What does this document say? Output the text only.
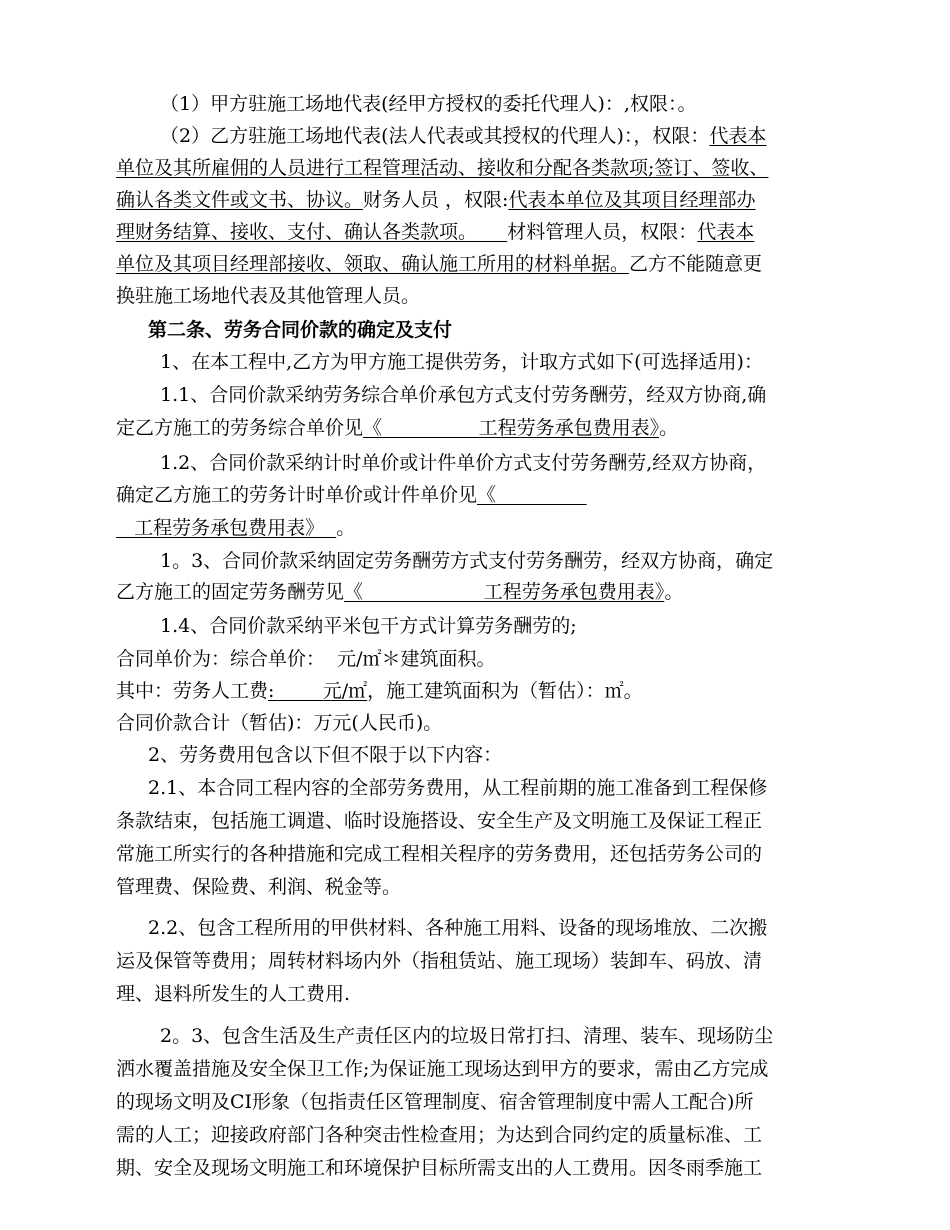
（1）甲方驻施工场地代表(经甲方授权的委托代理人)：,权限：。

（2）乙方驻施工场地代表(法人代表或其授权的代理人)：，权限：代表本

单位及其所雇佣的人员进行工程管理活动、接收和分配各类款项;签订、签收、

确认各类文件或文书、协议。财务人员 ，权限:代表本单位及其项目经理部办

理财务结算、接收、支付、确认各类款项。     材料管理人员，权限：代表本

单位及其项目经理部接收、领取、确认施工所用的材料单据。乙方不能随意更

换驻施工场地代表及其他管理人员。

第二条、劳务合同价款的确定及支付

1、在本工程中,乙方为甲方施工提供劳务，计取方式如下(可选择适用)：

1.1、合同价款采纳劳务综合单价承包方式支付劳务酬劳，经双方协商,确

定乙方施工的劳务综合单价见《                工程劳务承包费用表》。

1.2、合同价款采纳计时单价或计件单价方式支付劳务酬劳,经双方协商，

确定乙方施工的劳务计时单价或计件单价见《

工程劳务承包费用表》  。

1。3、合同价款采纳固定劳务酬劳方式支付劳务酬劳，经双方协商，确定

乙方施工的固定劳务酬劳见《                    工程劳务承包费用表》。

1.4、合同价款采纳平米包干方式计算劳务酬劳的;

合同单价为：综合单价：  元/㎡＊建筑面积。

其中：劳务人工费:        元/㎡，施工建筑面积为（暂估）：㎡。

合同价款合计（暂估)：万元(人民币)。

2、劳务费用包含以下但不限于以下内容：

2.1、本合同工程内容的全部劳务费用，从工程前期的施工准备到工程保修

条款结束，包括施工调遣、临时设施搭设、安全生产及文明施工及保证工程正

常施工所实行的各种措施和完成工程相关程序的劳务费用，还包括劳务公司的

管理费、保险费、利润、税金等。

2.2、包含工程所用的甲供材料、各种施工用料、设备的现场堆放、二次搬

运及保管等费用；周转材料场内外（指租赁站、施工现场）装卸车、码放、清

理、退料所发生的人工费用.

2。3、包含生活及生产责任区内的垃圾日常打扫、清理、装车、现场防尘

洒水覆盖措施及安全保卫工作;为保证施工现场达到甲方的要求，需由乙方完成

的现场文明及CI形象（包指责任区管理制度、宿舍管理制度中需人工配合)所

需的人工；迎接政府部门各种突击性检查用；为达到合同约定的质量标准、工

期、安全及现场文明施工和环境保护目标所需支出的人工费用。因冬雨季施工
